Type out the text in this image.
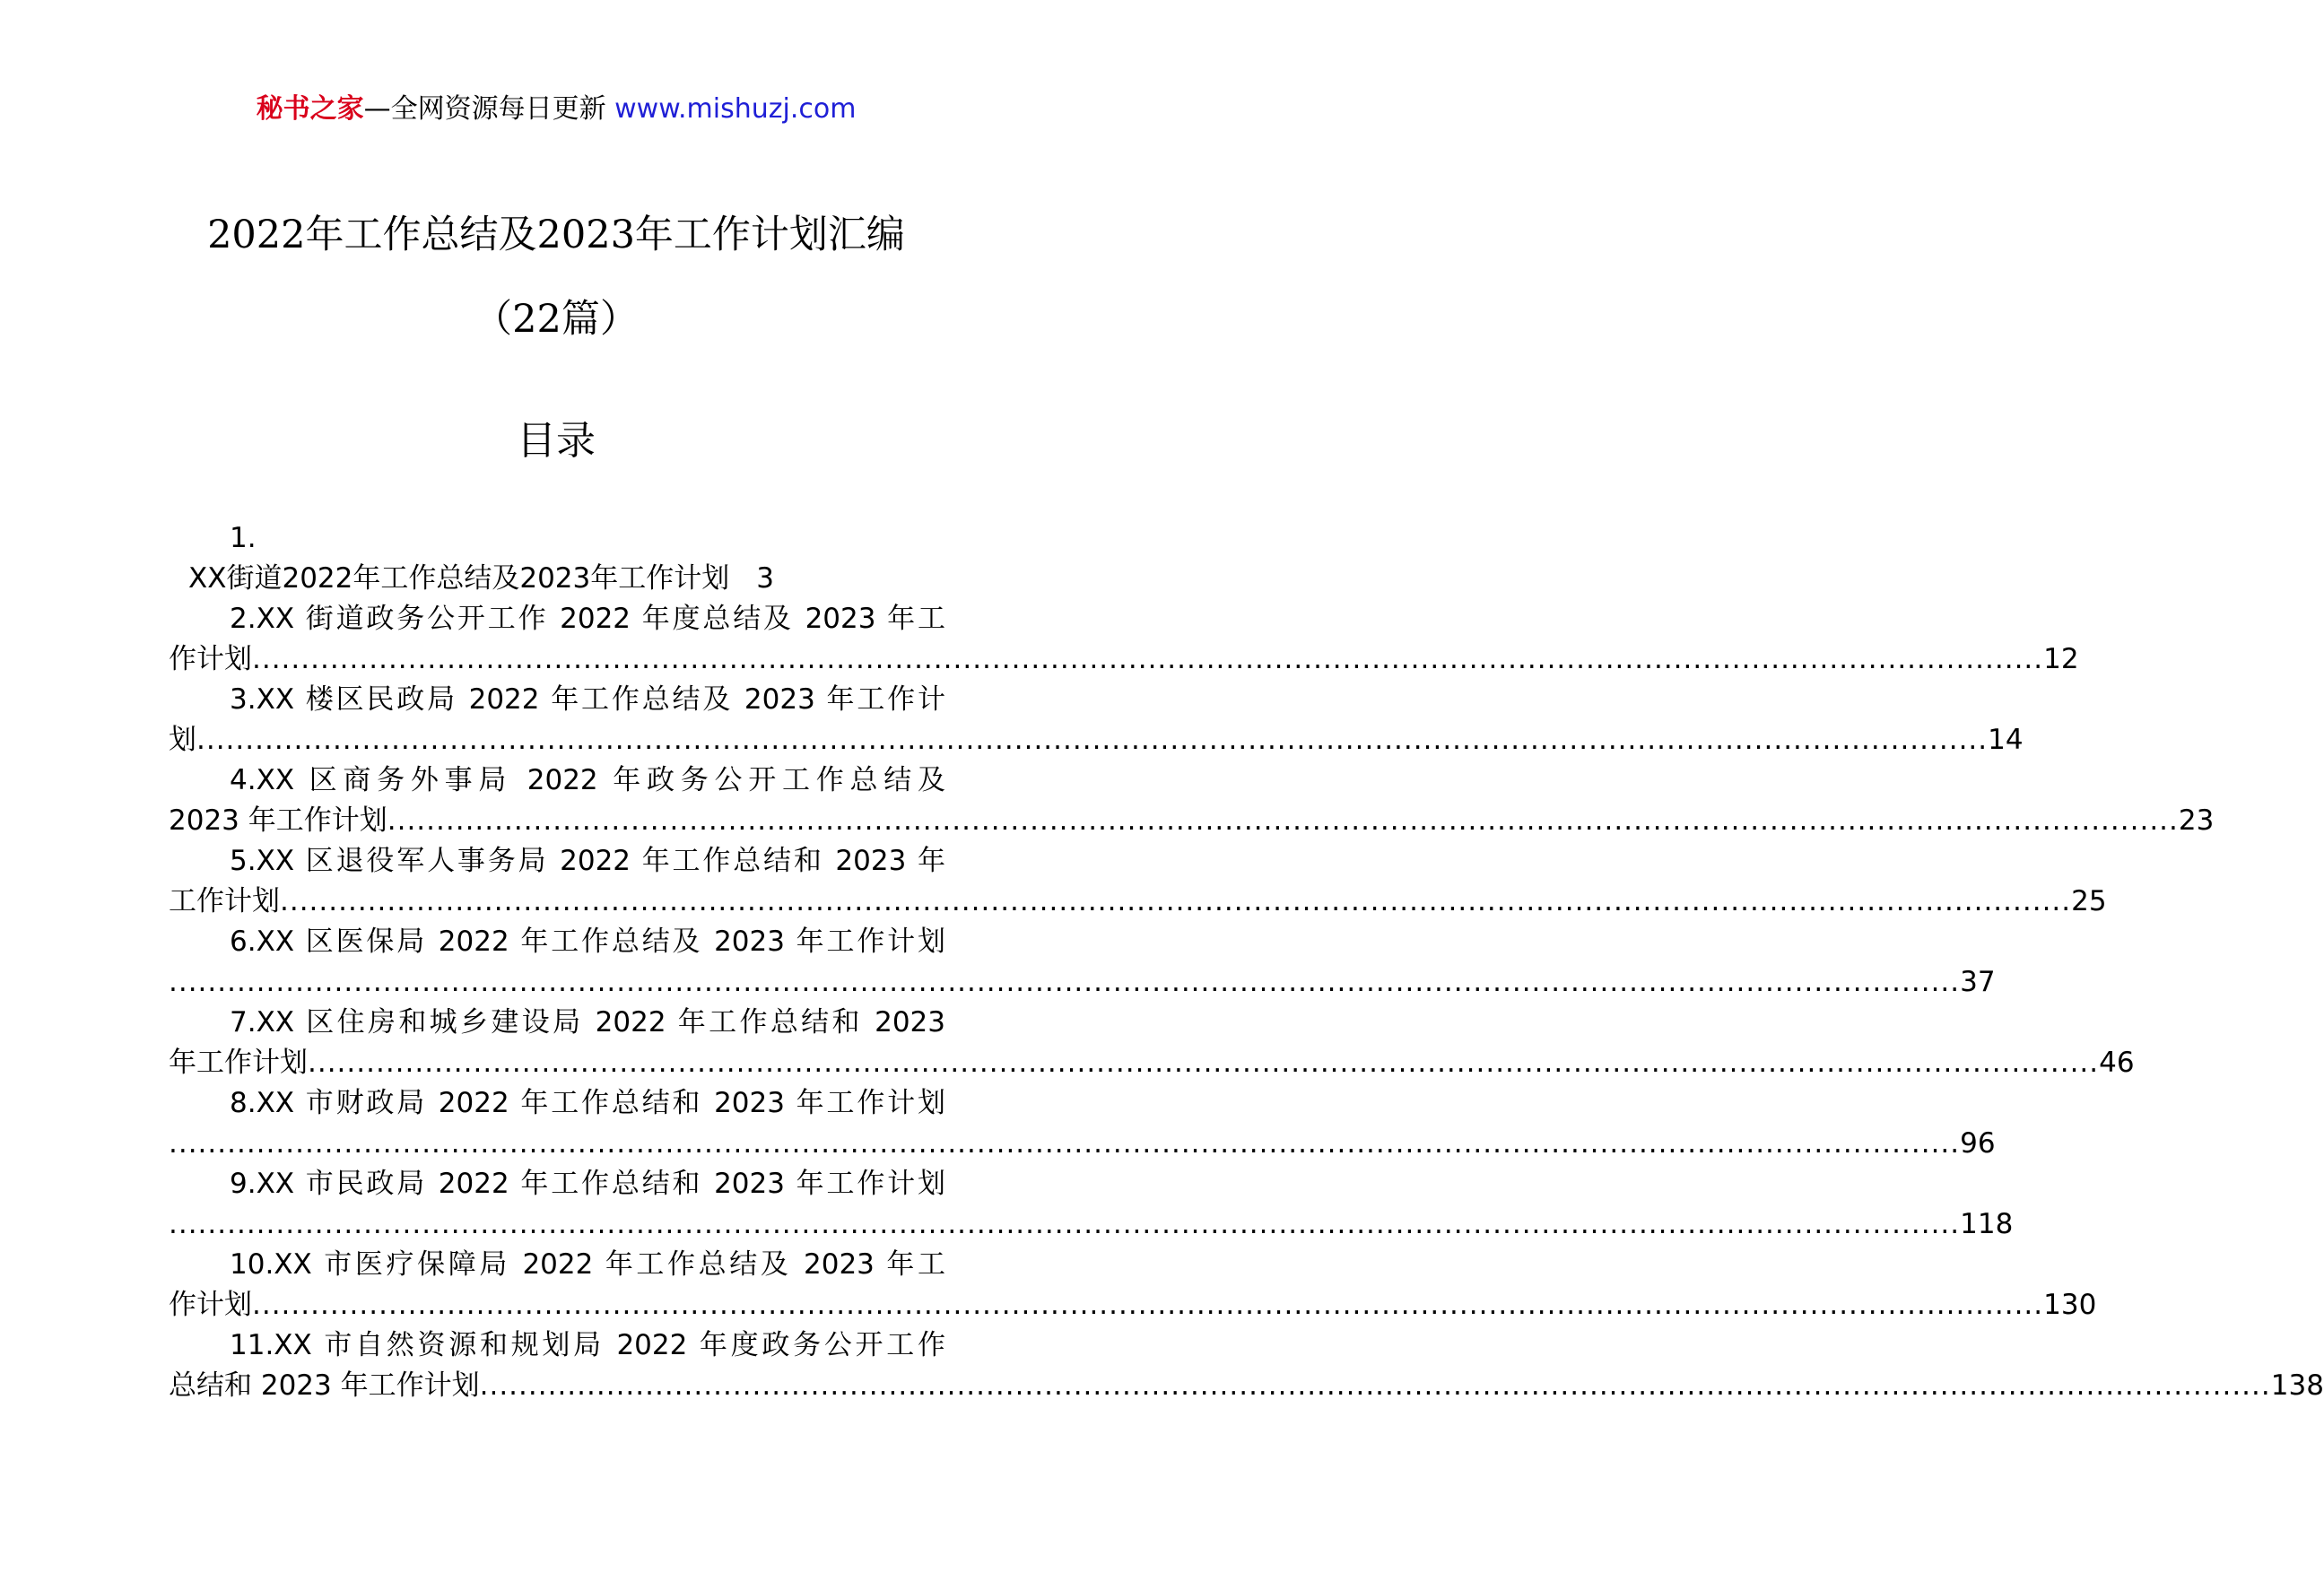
秘书之家—全网资源每日更新 www.mishuzj.com
2022年工作总结及2023年工作计划汇编
（22篇）
目录
1.
XX街道2022年工作总结及2023年工作计划 3
2.XX 街道政务公开工作 2022 年度总结及 2023 年工
作计划 ........................................................................................................................................................................................ 12
3.XX 楼区民政局 2022 年工作总结及 2023 年工作计
划 ........................................................................................................................................................................................ 14
4.XX 区商务外事局 2022 年政务公开工作总结及
2023 年工作计划 ........................................................................................................................................................................................ 23
5.XX 区退役军人事务局 2022 年工作总结和 2023 年
工作计划 ........................................................................................................................................................................................ 25
6.XX 区医保局 2022 年工作总结及 2023 年工作计划
........................................................................................................................................................................................ 37
7.XX 区住房和城乡建设局 2022 年工作总结和 2023
年工作计划 ........................................................................................................................................................................................ 46
8.XX 市财政局 2022 年工作总结和 2023 年工作计划
........................................................................................................................................................................................ 96
9.XX 市民政局 2022 年工作总结和 2023 年工作计划
........................................................................................................................................................................................ 118
10.XX 市医疗保障局 2022 年工作总结及 2023 年工
作计划 ........................................................................................................................................................................................ 130
11.XX 市自然资源和规划局 2022 年度政务公开工作
总结和 2023 年工作计划 ........................................................................................................................................................................................ 138
